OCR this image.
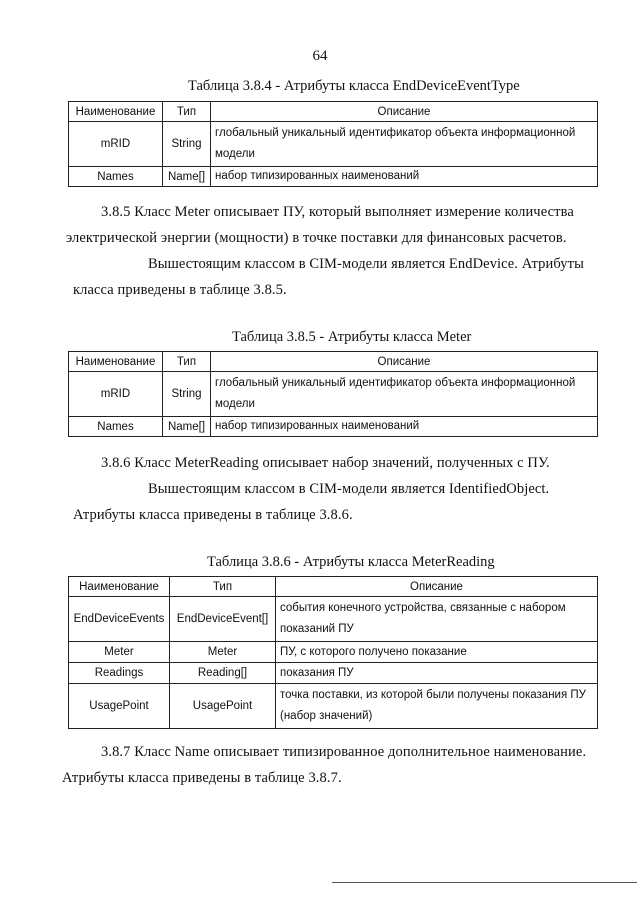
64
Таблица 3.8.4 - Атрибуты класса EndDeviceEventType
Наименование	Тип	Описание
mRID	String	глобальный уникальный идентификатор объекта информационной модели
Names	Name[]	набор типизированных наименований
3.8.5 Класс Meter описывает ПУ, который выполняет измерение количества
электрической энергии (мощности) в точке поставки для финансовых расчетов.
Вышестоящим классом в CIM-модели является EndDevice. Атрибуты
класса приведены в таблице 3.8.5.
Таблица 3.8.5 - Атрибуты класса Meter
Наименование	Тип	Описание
mRID	String	глобальный уникальный идентификатор объекта информационной модели
Names	Name[]	набор типизированных наименований
3.8.6 Класс MeterReading описывает набор значений, полученных с ПУ.
Вышестоящим классом в CIM-модели является IdentifiedObject.
Атрибуты класса приведены в таблице 3.8.6.
Таблица 3.8.6 - Атрибуты класса MeterReading
Наименование	Тип	Описание
EndDeviceEvents	EndDeviceEvent[]	события конечного устройства, связанные с набором показаний ПУ
Meter	Meter	ПУ, с которого получено показание
Readings	Reading[]	показания ПУ
UsagePoint	UsagePoint	точка поставки, из которой были получены показания ПУ (набор значений)
3.8.7 Класс Name описывает типизированное дополнительное наименование.
Атрибуты класса приведены в таблице 3.8.7.
